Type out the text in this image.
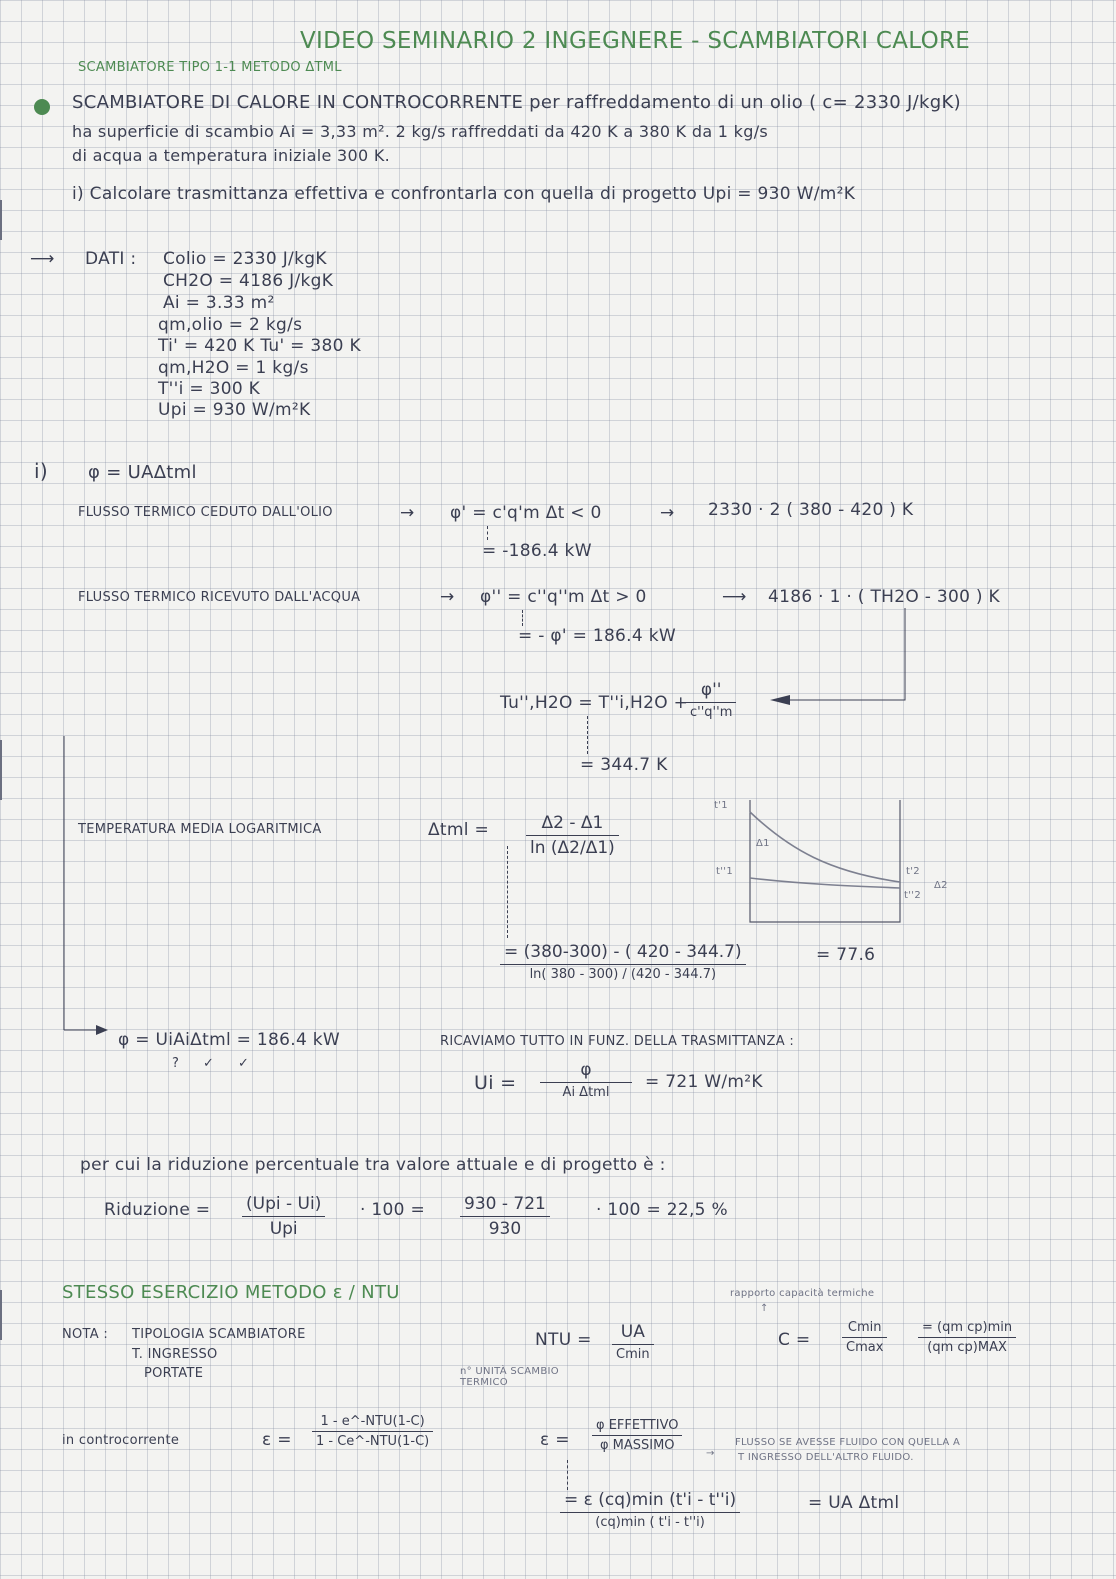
VIDEO SEMINARIO 2 INGEGNERE - SCAMBIATORI CALORE
SCAMBIATORE TIPO 1-1 METODO ΔTML
SCAMBIATORE DI CALORE IN CONTROCORRENTE per raffreddamento di un olio ( c= 2330 J/kgK)
ha superficie di scambio Ai = 3,33 m². 2 kg/s raffreddati da 420 K a 380 K da 1 kg/s
di acqua a temperatura iniziale 300 K.
i) Calcolare trasmittanza effettiva e confrontarla con quella di progetto Upi = 930 W/m²K
⟶ DATI : Colio = 2330 J/kgK
CH2O = 4186 J/kgK
Ai = 3.33 m²
qm,olio = 2 kg/s
Ti' = 420 K Tu' = 380 K
qm,H2O = 1 kg/s
T''i = 300 K
Upi = 930 W/m²K
i) φ = UAΔtml
FLUSSO TERMICO CEDUTO DALL'OLIO	→ φ' = c'q'm Δt < 0	→ 2330 · 2 ( 380 - 420 ) K
= -186.4 kW
FLUSSO TERMICO RICEVUTO DALL'ACQUA	→ φ'' = c''q''m Δt > 0	⟶ 4186 · 1 · ( TH2O - 300 ) K
= - φ' = 186.4 kW
Tu'',H2O = T''i,H2O +
φ''
c''q''m
= 344.7 K
TEMPERATURA MEDIA LOGARITMICA	Δtml =	Δ2 - Δ1
ln (Δ2/Δ1)
= (380-300) - ( 420 - 344.7)
ln( 380 - 300) / (420 - 344.7)
= 77.6
t'1
Δ1
t''1	t'2
t''2
Δ2
φ = UiAiΔtml = 186.4 kW
? ✓ ✓
RICAVIAMO TUTTO IN FUNZ. DELLA TRASMITTANZA :
Ui =
φ
Ai Δtml
= 721 W/m²K
per cui la riduzione percentuale tra valore attuale e di progetto è :
Riduzione = (Upi - Ui)
Upi
· 100 = 930 - 721
930
· 100 = 22,5 %
STESSO ESERCIZIO METODO ε / NTU	rapporto capacità termiche
↑
NOTA : TIPOLOGIA SCAMBIATORE
T. INGRESSO
PORTATE
NTU = UA
Cmin
n° UNITÀ SCAMBIO TERMICO
C =
Cmin
Cmax
= (qm cp)min
(qm cp)MAX
in controcorrente	ε =
1 - e^-NTU(1-C)
1 - Ce^-NTU(1-C)	ε =
φ EFFETTIVO
φ MASSIMO
→
FLUSSO SE AVESSE FLUIDO CON QUELLA A
T INGRESSO DELL'ALTRO FLUIDO.
= ε (cq)min (t'i - t''i)
(cq)min ( t'i - t''i)
= UA Δtml
